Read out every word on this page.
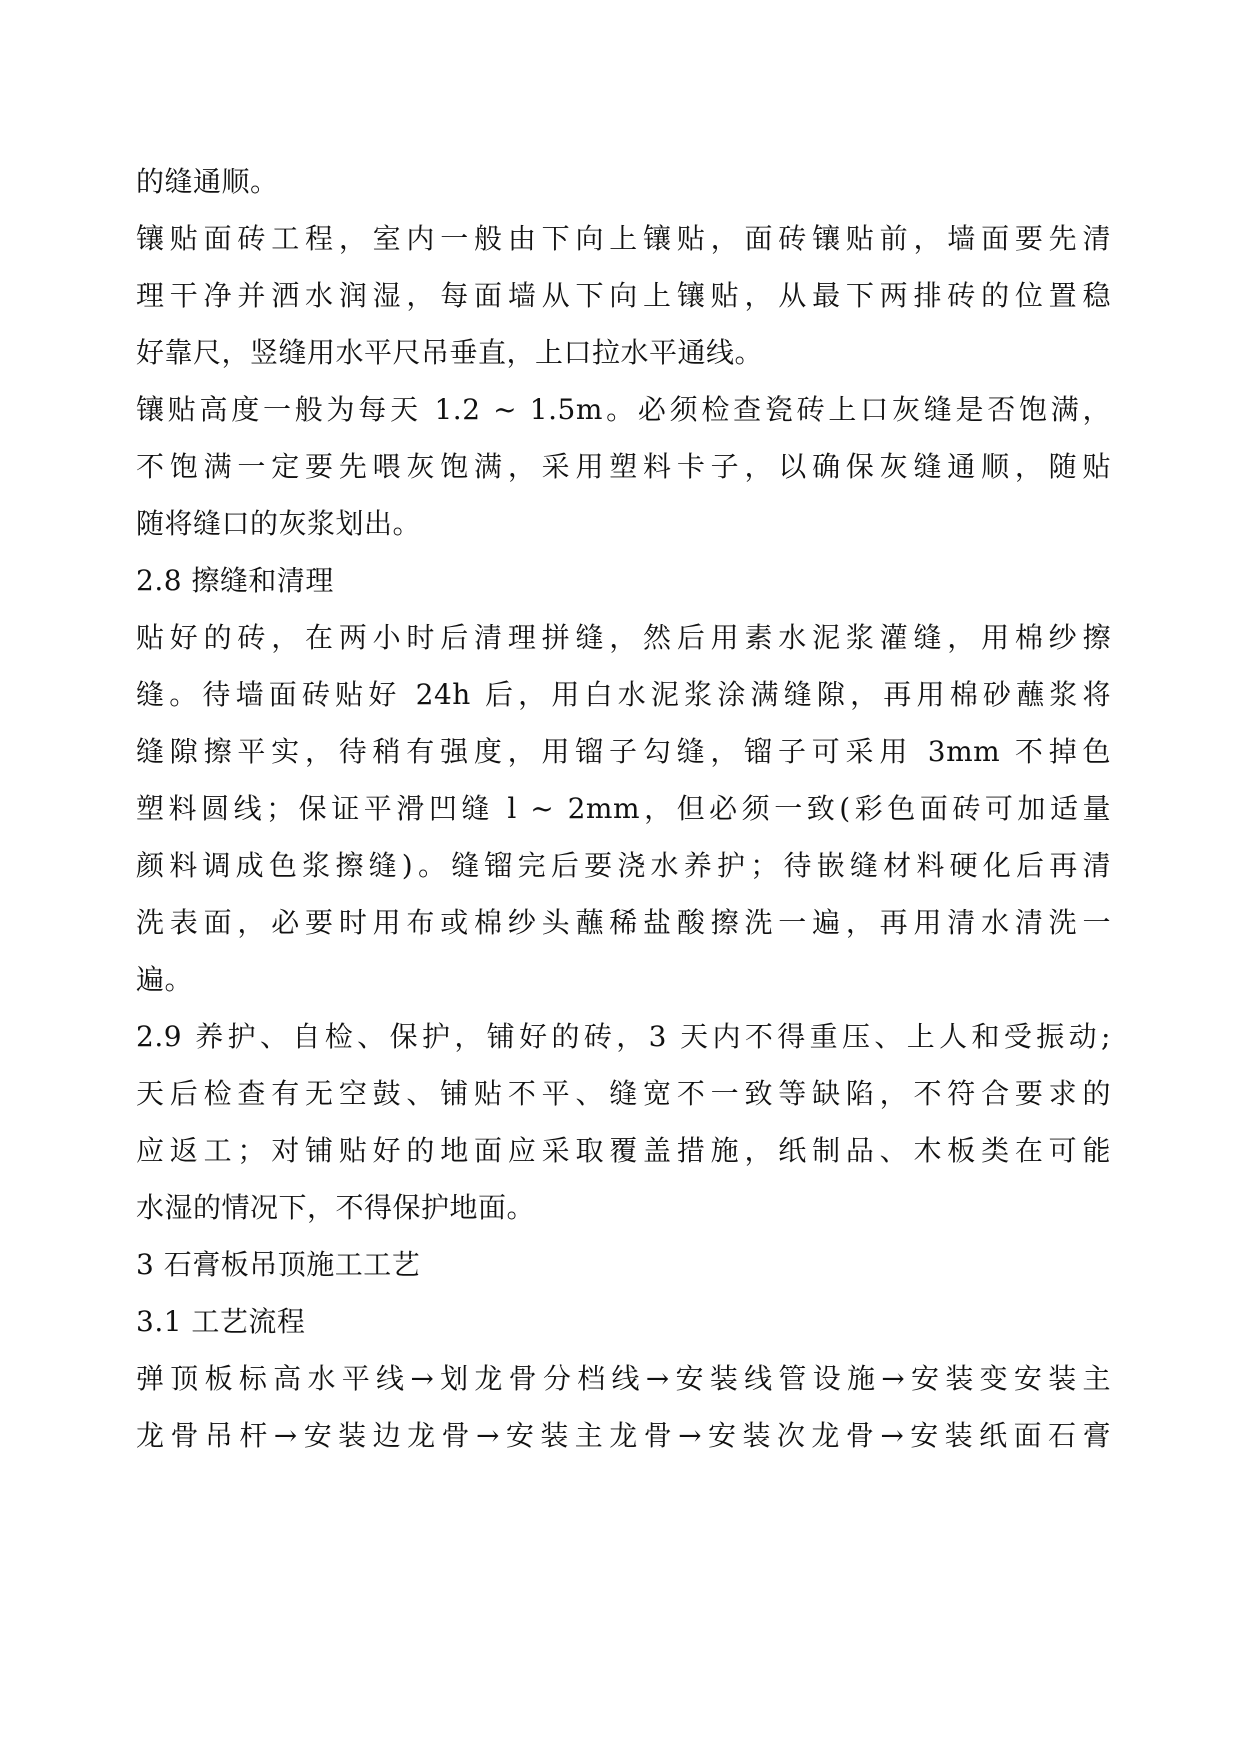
的缝通顺。
镶贴面砖工程，室内一般由下向上镶贴，面砖镶贴前，墙面要先清
理干净并洒水润湿，每面墙从下向上镶贴，从最下两排砖的位置稳
好靠尺，竖缝用水平尺吊垂直，上口拉水平通线。
镶贴高度一般为每天 1.2 ~ 1.5m。必须检查瓷砖上口灰缝是否饱满，
不饱满一定要先喂灰饱满，采用塑料卡子，以确保灰缝通顺，随贴
随将缝口的灰浆划出。
2.8 擦缝和清理
贴好的砖，在两小时后清理拼缝，然后用素水泥浆灌缝，用棉纱擦
缝。待墙面砖贴好 24h 后，用白水泥浆涂满缝隙，再用棉砂蘸浆将
缝隙擦平实，待稍有强度，用镏子勾缝，镏子可采用 3mm 不掉色
塑料圆线；保证平滑凹缝 l ~ 2mm，但必须一致(彩色面砖可加适量
颜料调成色浆擦缝)。缝镏完后要浇水养护；待嵌缝材料硬化后再清
洗表面，必要时用布或棉纱头蘸稀盐酸擦洗一遍，再用清水清洗一
遍。
2.9 养护、自检、保护，铺好的砖，3 天内不得重压、上人和受振动;
天后检查有无空鼓、铺贴不平、缝宽不一致等缺陷，不符合要求的
应返工；对铺贴好的地面应采取覆盖措施，纸制品、木板类在可能
水湿的情况下，不得保护地面。
3 石膏板吊顶施工工艺
3.1 工艺流程
弹顶板标高水平线→划龙骨分档线→安装线管设施→安装变安装主
龙骨吊杆→安装边龙骨→安装主龙骨→安装次龙骨→安装纸面石膏
